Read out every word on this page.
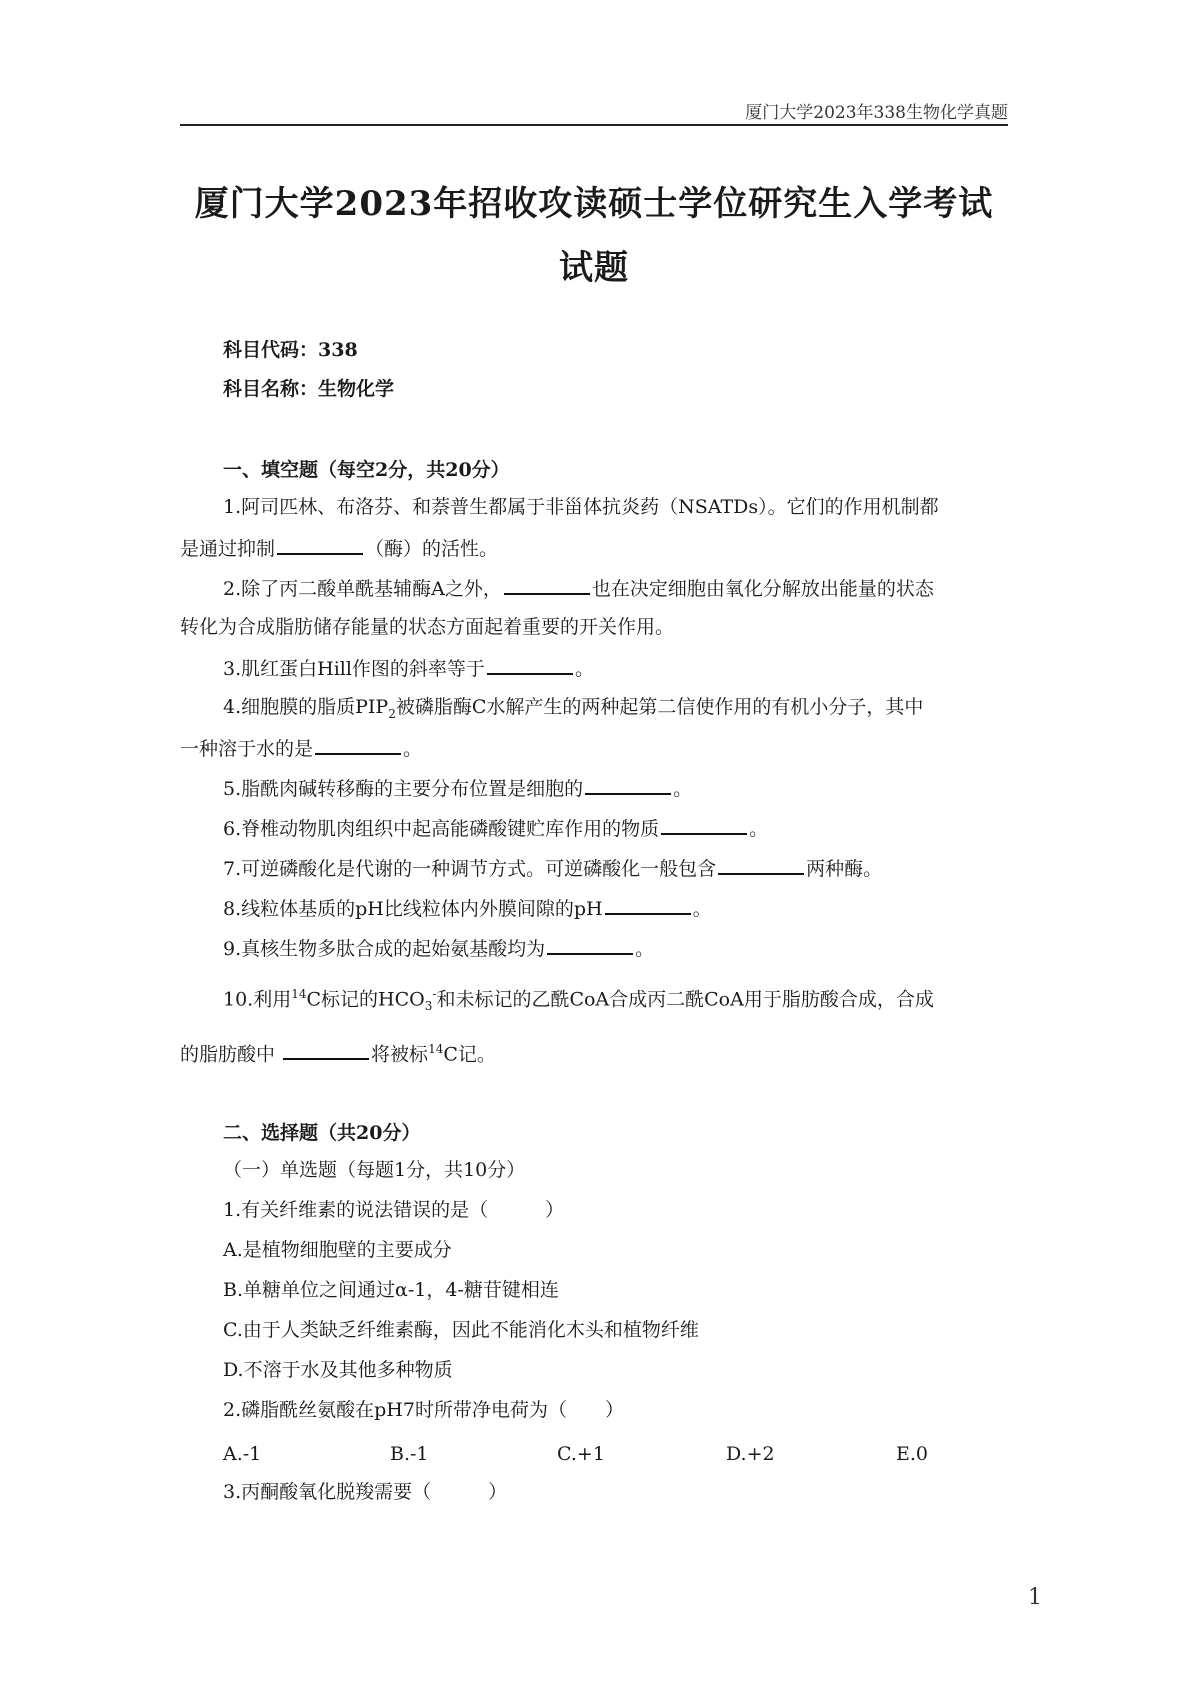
厦门大学2023年338生物化学真题
厦门大学2023年招收攻读硕士学位研究生入学考试
试题
科目代码：338
科目名称：生物化学
一、填空题（每空2分，共20分）
1.阿司匹林、布洛芬、和萘普生都属于非甾体抗炎药（NSATDs）。它们的作用机制都
是通过抑制	（酶）的活性。
2.除了丙二酸单酰基辅酶A之外，	也在决定细胞由氧化分解放出能量的状态
转化为合成脂肪储存能量的状态方面起着重要的开关作用。
3.肌红蛋白Hill作图的斜率等于	。
4.细胞膜的脂质$PIP_2$被磷脂酶C水解产生的两种起第二信使作用的有机小分子，其中
一种溶于水的是	。
5.脂酰肉碱转移酶的主要分布位置是细胞的	。
6.脊椎动物肌肉组织中起高能磷酸键贮库作用的物质	。
7.可逆磷酸化是代谢的一种调节方式。可逆磷酸化一般包含	两种酶。
8.线粒体基质的pH比线粒体内外膜间隙的pH	。
9.真核生物多肽合成的起始氨基酸均为	。
10.利用$^{14}$C标记的$HCO_3^-$和未标记的乙酰CoA合成丙二酰CoA用于脂肪酸合成，合成
的脂肪酸中	将被标$^{14}$C记。
二、选择题（共20分）
（一）单选题（每题1分，共10分）
1.有关纤维素的说法错误的是（　　　）
A.是植物细胞壁的主要成分
B.单糖单位之间通过α-1，4-糖苷键相连
C.由于人类缺乏纤维素酶，因此不能消化木头和植物纤维
D.不溶于水及其他多种物质
2.磷脂酰丝氨酸在pH7时所带净电荷为（　　）
A.-1	B.-1	C.+1	D.+2	E.0
3.丙酮酸氧化脱羧需要（　　　）
1
